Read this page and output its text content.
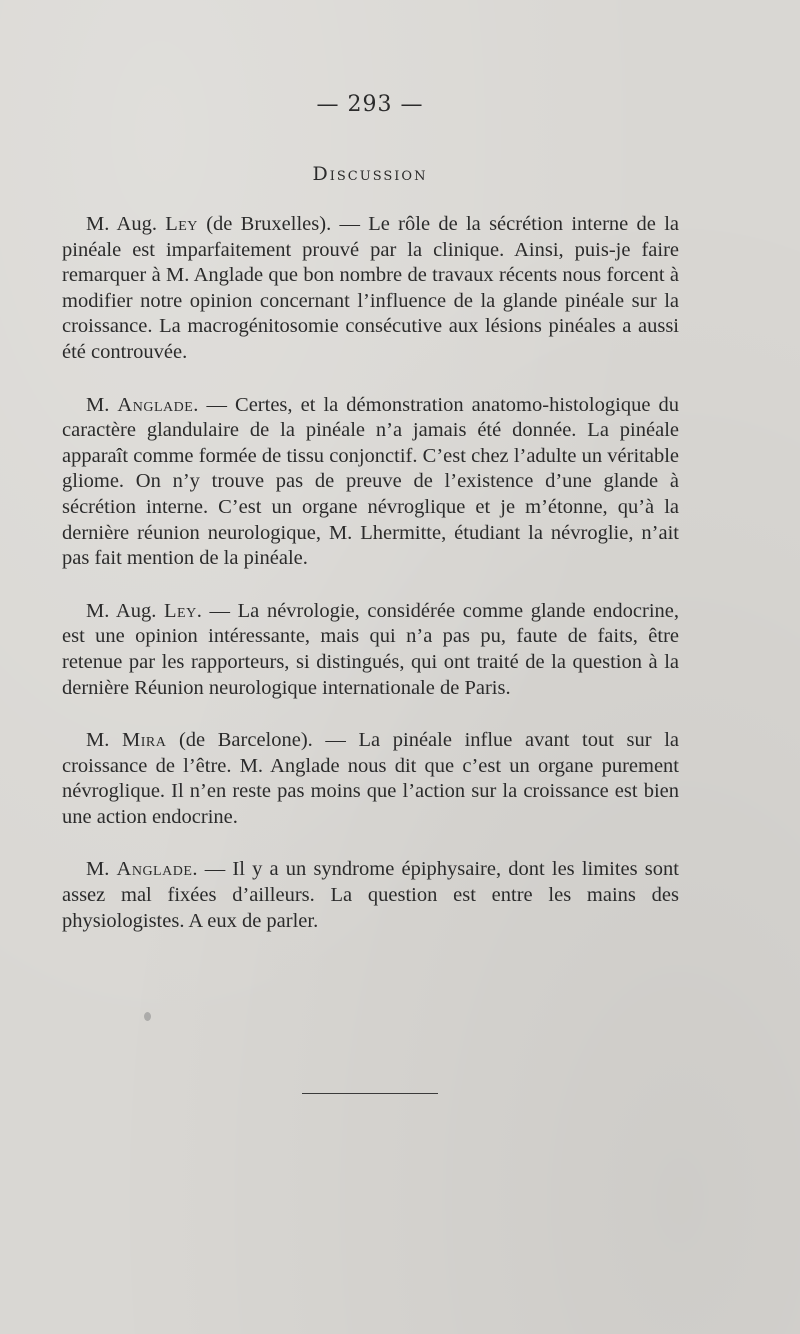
— 293 —
Discussion

M. Aug. Ley (de Bruxelles). — Le rôle de la sécrétion interne de la pinéale est imparfaitement prouvé par la clinique. Ainsi, puis-je faire remarquer à M. Anglade que bon nombre de travaux récents nous forcent à modifier notre opinion concernant l’influence de la glande pinéale sur la croissance. La macrogénitosomie consécutive aux lésions pinéales a aussi été controuvée.

M. Anglade. — Certes, et la démonstration anatomo-histologique du caractère glandulaire de la pinéale n’a jamais été donnée. La pinéale apparaît comme formée de tissu conjonctif. C’est chez l’adulte un véritable gliome. On n’y trouve pas de preuve de l’existence d’une glande à sécrétion interne. C’est un organe névroglique et je m’étonne, qu’à la dernière réunion neurologique, M. Lhermitte, étudiant la névroglie, n’ait pas fait mention de la pinéale.

M. Aug. Ley. — La névrologie, considérée comme glande endocrine, est une opinion intéressante, mais qui n’a pas pu, faute de faits, être retenue par les rapporteurs, si distingués, qui ont traité de la question à la dernière Réunion neurologique internationale de Paris.

M. Mira (de Barcelone). — La pinéale influe avant tout sur la croissance de l’être. M. Anglade nous dit que c’est un organe purement névroglique. Il n’en reste pas moins que l’action sur la croissance est bien une action endocrine.

M. Anglade. — Il y a un syndrome épiphysaire, dont les limites sont assez mal fixées d’ailleurs. La question est entre les mains des physiologistes. A eux de parler.
